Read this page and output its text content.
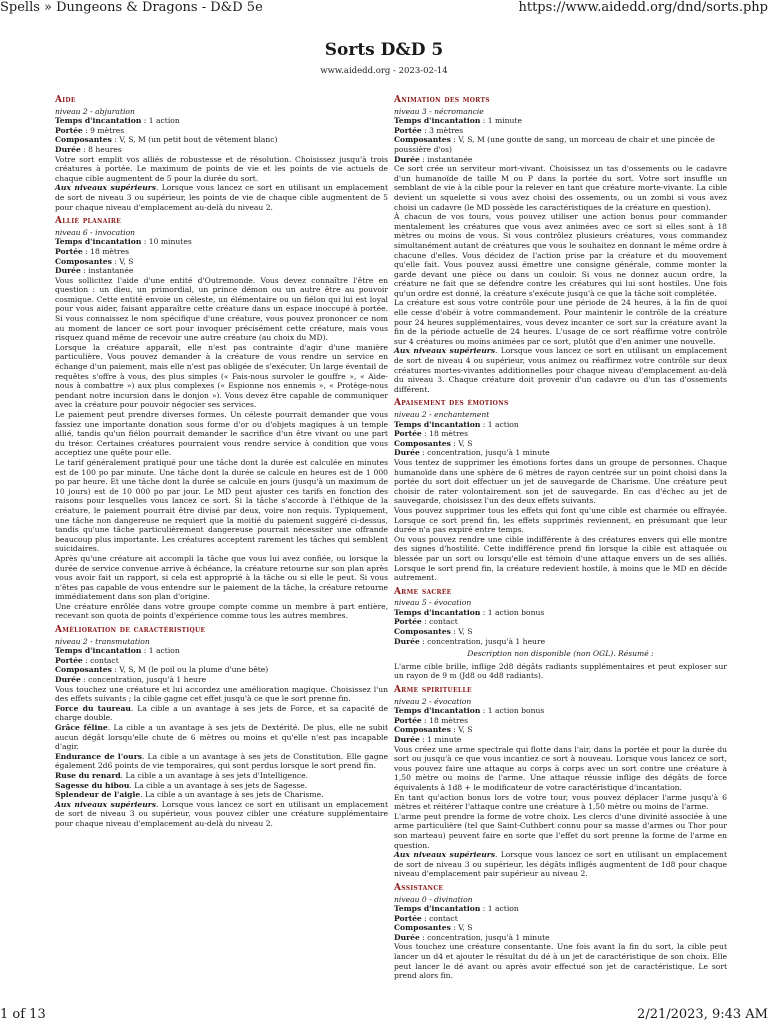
Spells » Dungeons & Dragons - D&D 5e	https://www.aidedd.org/dnd/sorts.php
Sorts D&D 5
www.aidedd.org - 2023-02-14
Aide
niveau 2 - abjuration
Temps d'incantation : 1 action
Portée : 9 mètres
Composantes : V, S, M (un petit bout de vêtement blanc)
Durée : 8 heures

Votre sort emplit vos alliés de robustesse et de résolution. Choisissez jusqu'à trois créatures à portée. Le maximum de points de vie et les points de vie actuels de chaque cible augmentent de 5 pour la durée du sort.

Aux niveaux supérieurs. Lorsque vous lancez ce sort en utilisant un emplacement de sort de niveau 3 ou supérieur, les points de vie de chaque cible augmentent de 5 pour chaque niveau d'emplacement au-delà du niveau 2.

Allié planaire
niveau 6 - invocation
Temps d'incantation : 10 minutes
Portée : 18 mètres
Composantes : V, S
Durée : instantanée

Vous sollicitez l'aide d'une entité d'Outremonde. Vous devez connaître l'être en question : un dieu, un primordial, un prince démon ou un autre être au pouvoir cosmique. Cette entité envoie un céleste, un élémentaire ou un fiélon qui lui est loyal pour vous aider, faisant apparaître cette créature dans un espace inoccupé à portée. Si vous connaissez le nom spécifique d'une créature, vous pouvez prononcer ce nom au moment de lancer ce sort pour invoquer précisément cette créature, mais vous risquez quand même de recevoir une autre créature (au choix du MD).

Lorsque la créature apparaît, elle n'est pas contrainte d'agir d'une manière particulière. Vous pouvez demander à la créature de vous rendre un service en échange d'un paiement, mais elle n'est pas obligée de s'exécuter. Un large éventail de requêtes s'offre à vous, des plus simples (« Fais-nous survoler le gouffre », « Aide-nous à combattre ») aux plus complexes (« Espionne nos ennemis », « Protège-nous pendant notre incursion dans le donjon »). Vous devez être capable de communiquer avec la créature pour pouvoir négocier ses services.

Le paiement peut prendre diverses formes. Un céleste pourrait demander que vous fassiez une importante donation sous forme d'or ou d'objets magiques à un temple allié, tandis qu'un fiélon pourrait demander le sacrifice d'un être vivant ou une part du trésor. Certaines créatures pourraient vous rendre service à condition que vous acceptiez une quête pour elle.

Le tarif généralement pratiqué pour une tâche dont la durée est calculée en minutes est de 100 po par minute. Une tâche dont la durée se calcule en heures est de 1 000 po par heure. Et une tâche dont la durée se calcule en jours (jusqu'à un maximum de 10 jours) est de 10 000 po par jour. Le MD peut ajuster ces tarifs en fonction des raisons pour lesquelles vous lancez ce sort. Si la tâche s'accorde à l'éthique de la créature, le paiement pourrait être divisé par deux, voire non requis. Typiquement, une tâche non dangereuse ne requiert que la moitié du paiement suggéré ci-dessus, tandis qu'une tâche particulièrement dangereuse pourrait nécessiter une offrande beaucoup plus importante. Les créatures acceptent rarement les tâches qui semblent suicidaires.

Après qu'une créature ait accompli la tâche que vous lui avez confiée, ou lorsque la durée de service convenue arrive à échéance, la créature retourne sur son plan après vous avoir fait un rapport, si cela est approprié à la tâche ou si elle le peut. Si vous n'êtes pas capable de vous entendre sur le paiement de la tâche, la créature retourne immédiatement dans son plan d'origine.

Une créature enrôlée dans votre groupe compte comme un membre à part entière, recevant son quota de points d'expérience comme tous les autres membres.

Amélioration de caractéristique
niveau 2 - transmutation
Temps d'incantation : 1 action
Portée : contact
Composantes : V, S, M (le poil ou la plume d'une bête)
Durée : concentration, jusqu'à 1 heure

Vous touchez une créature et lui accordez une amélioration magique. Choisissez l'un des effets suivants ; la cible gagne cet effet jusqu'à ce que le sort prenne fin.

Force du taureau. La cible a un avantage à ses jets de Force, et sa capacité de charge double.

Grâce féline. La cible a un avantage à ses jets de Dextérité. De plus, elle ne subit aucun dégât lorsqu'elle chute de 6 mètres ou moins et qu'elle n'est pas incapable d'agir.

Endurance de l'ours. La cible a un avantage à ses jets de Constitution. Elle gagne également 2d6 points de vie temporaires, qui sont perdus lorsque le sort prend fin.

Ruse du renard. La cible a un avantage à ses jets d'Intelligence.

Sagesse du hibou. La cible a un avantage à ses jets de Sagesse.

Splendeur de l'aigle. La cible a un avantage à ses jets de Charisme.

Aux niveaux supérieurs. Lorsque vous lancez ce sort en utilisant un emplacement de sort de niveau 3 ou supérieur, vous pouvez cibler une créature supplémentaire pour chaque niveau d'emplacement au-delà du niveau 2.

Animation des morts
niveau 3 - nécromancie
Temps d'incantation : 1 minute
Portée : 3 mètres
Composantes : V, S, M (une goutte de sang, un morceau de chair et une pincée de poussière d'os)
Durée : instantanée

Ce sort crée un serviteur mort-vivant. Choisissez un tas d'ossements ou le cadavre d'un humanoïde de taille M ou P dans la portée du sort. Votre sort insuffle un semblant de vie à la cible pour la relever en tant que créature morte-vivante. La cible devient un squelette si vous avez choisi des ossements, ou un zombi si vous avez choisi un cadavre (le MD possède les caractéristiques de la créature en question).

À chacun de vos tours, vous pouvez utiliser une action bonus pour commander mentalement les créatures que vous avez animées avec ce sort si elles sont à 18 mètres ou moins de vous. Si vous contrôlez plusieurs créatures, vous commandez simultanément autant de créatures que vous le souhaitez en donnant le même ordre à chacune d'elles. Vous décidez de l'action prise par la créature et du mouvement qu'elle fait. Vous pouvez aussi émettre une consigne générale, comme monter la garde devant une pièce ou dans un couloir. Si vous ne donnez aucun ordre, la créature ne fait que se défendre contre les créatures qui lui sont hostiles. Une fois qu'un ordre est donné, la créature s'exécute jusqu'à ce que la tâche soit complétée.

La créature est sous votre contrôle pour une période de 24 heures, à la fin de quoi elle cesse d'obéir à votre commandement. Pour maintenir le contrôle de la créature pour 24 heures supplémentaires, vous devez incanter ce sort sur la créature avant la fin de la période actuelle de 24 heures. L'usage de ce sort réaffirme votre contrôle sur 4 créatures ou moins animées par ce sort, plutôt que d'en animer une nouvelle.

Aux niveaux supérieurs. Lorsque vous lancez ce sort en utilisant un emplacement de sort de niveau 4 ou supérieur, vous animez ou réaffirmez votre contrôle sur deux créatures mortes-vivantes additionnelles pour chaque niveau d'emplacement au-delà du niveau 3. Chaque créature doit provenir d'un cadavre ou d'un tas d'ossements différent.

Apaisement des émotions
niveau 2 - enchantement
Temps d'incantation : 1 action
Portée : 18 mètres
Composantes : V, S
Durée : concentration, jusqu'à 1 minute

Vous tentez de supprimer les émotions fortes dans un groupe de personnes. Chaque humanoïde dans une sphère de 6 mètres de rayon centrée sur un point choisi dans la portée du sort doit effectuer un jet de sauvegarde de Charisme. Une créature peut choisir de rater volontairement son jet de sauvegarde. En cas d'échec au jet de sauvegarde, choisissez l'un des deux effets suivants.

Vous pouvez supprimer tous les effets qui font qu'une cible est charmée ou effrayée. Lorsque ce sort prend fin, les effets supprimés reviennent, en présumant que leur durée n'a pas expiré entre temps.

Ou vous pouvez rendre une cible indifférente à des créatures envers qui elle montre des signes d'hostilité. Cette indifférence prend fin lorsque la cible est attaquée ou blessée par un sort ou lorsqu'elle est témoin d'une attaque envers un de ses alliés. Lorsque le sort prend fin, la créature redevient hostile, à moins que le MD en décide autrement.

Arme sacrée
niveau 5 - évocation
Temps d'incantation : 1 action bonus
Portée : contact
Composantes : V, S
Durée : concentration, jusqu'à 1 heure
Description non disponible (non OGL). Résumé :

L'arme cible brille, inflige 2d8 dégâts radiants supplémentaires et peut exploser sur un rayon de 9 m (Jd8 ou 4d8 radiants).

Arme spirituelle
niveau 2 - évocation
Temps d'incantation : 1 action bonus
Portée : 18 mètres
Composantes : V, S
Durée : 1 minute

Vous créez une arme spectrale qui flotte dans l'air, dans la portée et pour la durée du sort ou jusqu'à ce que vous incantiez ce sort à nouveau. Lorsque vous lancez ce sort, vous pouvez faire une attaque au corps à corps avec un sort contre une créature à 1,50 mètre ou moins de l'arme. Une attaque réussie inflige des dégâts de force équivalents à 1d8 + le modificateur de votre caractéristique d'incantation.

En tant qu'action bonus lors de votre tour, vous pouvez déplacer l'arme jusqu'à 6 mètres et réitérer l'attaque contre une créature à 1,50 mètre ou moins de l'arme.

L'arme peut prendre la forme de votre choix. Les clercs d'une divinité associée à une arme particulière (tel que Saint-Cuthbert connu pour sa masse d'armes ou Thor pour son marteau) peuvent faire en sorte que l'effet du sort prenne la forme de l'arme en question.

Aux niveaux supérieurs. Lorsque vous lancez ce sort en utilisant un emplacement de sort de niveau 3 ou supérieur, les dégâts infligés augmentent de 1d8 pour chaque niveau d'emplacement pair supérieur au niveau 2.

Assistance
niveau 0 - divination
Temps d'incantation : 1 action
Portée : contact
Composantes : V, S
Durée : concentration, jusqu'à 1 minute

Vous touchez une créature consentante. Une fois avant la fin du sort, la cible peut lancer un d4 et ajouter le résultat du dé à un jet de caractéristique de son choix. Elle peut lancer le dé avant ou après avoir effectué son jet de caractéristique. Le sort prend alors fin.

1 of 13	2/21/2023, 9:43 AM
